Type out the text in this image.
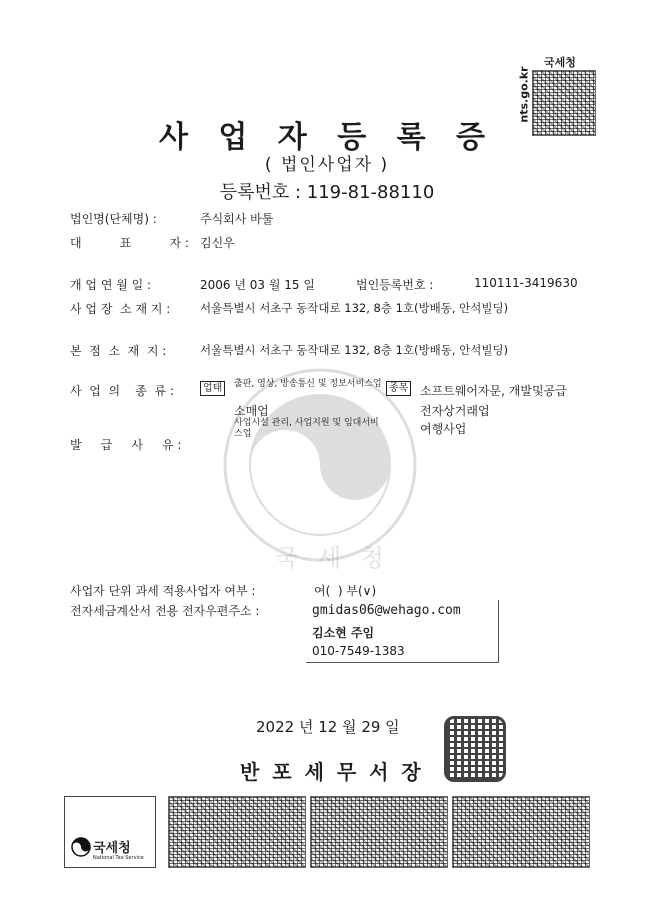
nts.go.kr
국세청
국 세 청
사 업 자 등 록 증
( 법인사업자 )
등록번호 : 119-81-88110
법인명(단체명) :	주식회사 바툴
대          표          자 : 김신우
개 업 연 월 일 :	2006 년 03 월 15 일	법인등록번호 :	110111-3419630
사 업 장  소 재 지 :	서울특별시 서초구 동작대로 132, 8층 1호(방배동, 안석빌딩)
본  점  소  재  지 :	서울특별시 서초구 동작대로 132, 8층 1호(방배동, 안석빌딩)
사  업  의    종  류 :	업태	출판, 영상, 방송통신 및 정보서비스업
소매업
사업시설 관리, 사업지원 및 임대서비스업
종목 소프트웨어자문, 개발및공급
전자상거래업
여행사업
발     급     사     유 :
사업자 단위 과세 적용사업자 여부 :	여(  ) 부(∨)
전자세금계산서 전용 전자우편주소 :	gmidas06@wehago.com
김소현 주임
010-7549-1383
2022 년 12 월 29 일
반 포 세 무 서 장
국세청
National Tax Service
